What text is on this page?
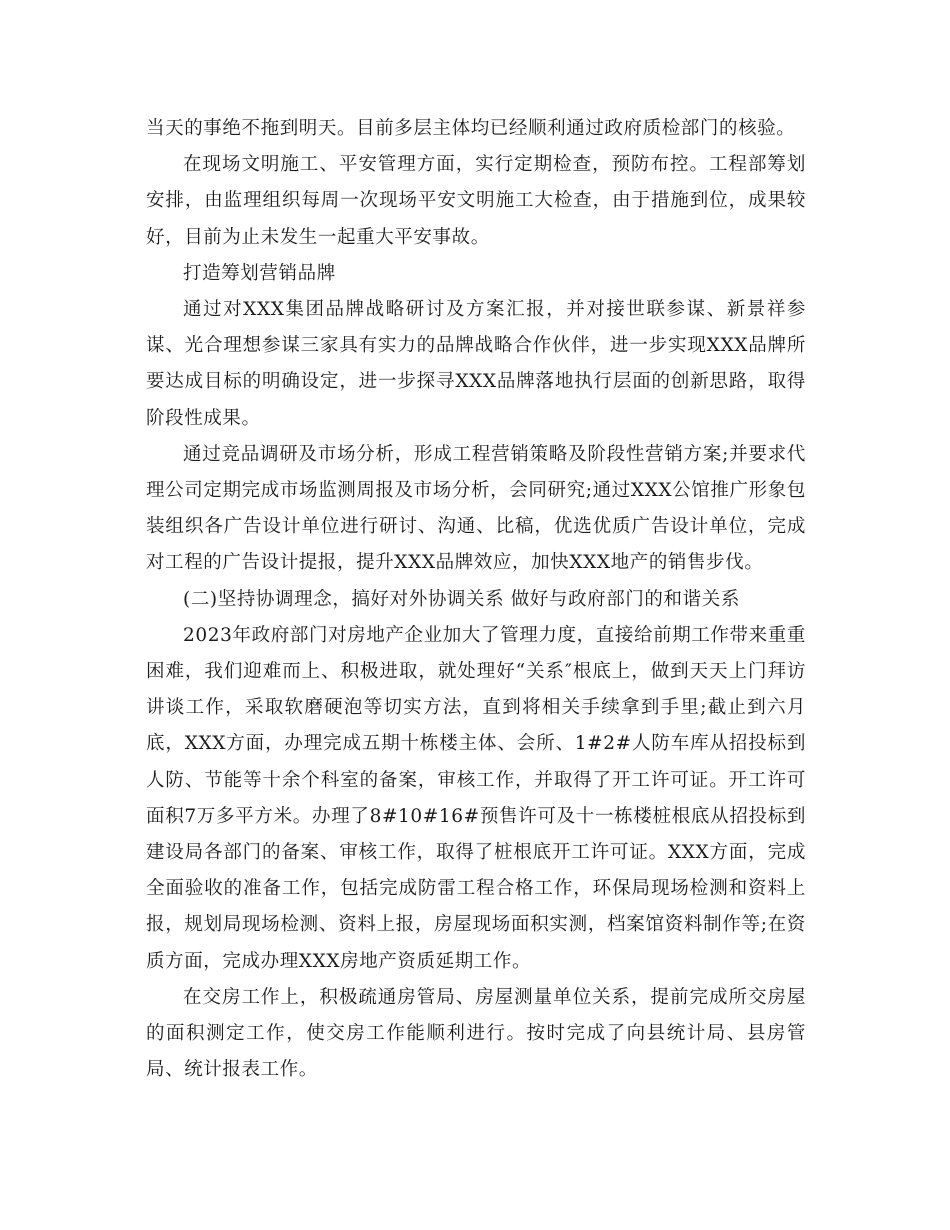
当天的事绝不拖到明天。目前多层主体均已经顺利通过政府质检部门的核验。

在现场文明施工、平安管理方面，实行定期检查，预防布控。工程部筹划安排，由监理组织每周一次现场平安文明施工大检查，由于措施到位，成果较好，目前为止未发生一起重大平安事故。

打造筹划营销品牌

通过对XXX集团品牌战略研讨及方案汇报，并对接世联参谋、新景祥参谋、光合理想参谋三家具有实力的品牌战略合作伙伴，进一步实现XXX品牌所要达成目标的明确设定，进一步探寻XXX品牌落地执行层面的创新思路，取得阶段性成果。

通过竞品调研及市场分析，形成工程营销策略及阶段性营销方案;并要求代理公司定期完成市场监测周报及市场分析，会同研究;通过XXX公馆推广形象包装组织各广告设计单位进行研讨、沟通、比稿，优选优质广告设计单位，完成对工程的广告设计提报，提升XXX品牌效应，加快XXX地产的销售步伐。

(二)坚持协调理念，搞好对外协调关系 做好与政府部门的和谐关系

2023年政府部门对房地产企业加大了管理力度，直接给前期工作带来重重困难，我们迎难而上、积极进取，就处理好“关系″根底上，做到天天上门拜访讲谈工作，采取软磨硬泡等切实方法，直到将相关手续拿到手里;截止到六月底，XXX方面，办理完成五期十栋楼主体、会所、1#2#人防车库从招投标到人防、节能等十余个科室的备案，审核工作，并取得了开工许可证。开工许可面积7万多平方米。办理了8#10#16#预售许可及十一栋楼桩根底从招投标到建设局各部门的备案、审核工作，取得了桩根底开工许可证。XXX方面，完成全面验收的准备工作，包括完成防雷工程合格工作，环保局现场检测和资料上报，规划局现场检测、资料上报，房屋现场面积实测，档案馆资料制作等;在资质方面，完成办理XXX房地产资质延期工作。

在交房工作上，积极疏通房管局、房屋测量单位关系，提前完成所交房屋的面积测定工作，使交房工作能顺利进行。按时完成了向县统计局、县房管局、统计报表工作。
